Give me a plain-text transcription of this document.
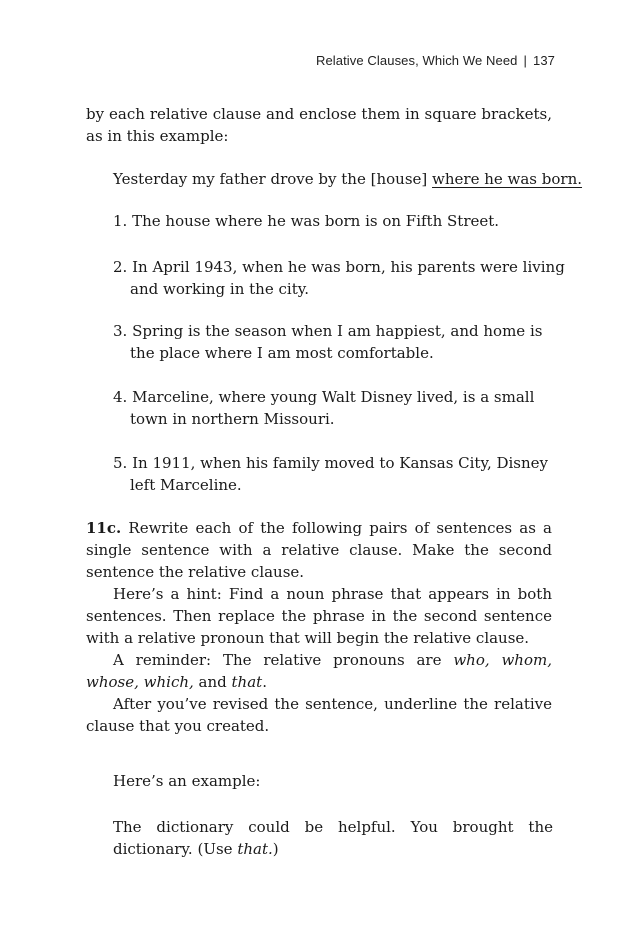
Relative Clauses, Which We Need | 137
by each relative clause and enclose them in square brackets, as in this example:
Yesterday my father drove by the [house] where he was born.
1. The house where he was born is on Fifth Street.
2. In April 1943, when he was born, his parents were living and working in the city.
3. Spring is the season when I am happiest, and home is the place where I am most comfortable.
4. Marceline, where young Walt Disney lived, is a small town in northern Missouri.
5. In 1911, when his family moved to Kansas City, Disney left Marceline.

11c. Rewrite each of the following pairs of sentences as a single sentence with a relative clause. Make the second sentence the relative clause.

Here’s a hint: Find a noun phrase that appears in both sentences. Then replace the phrase in the second sentence with a relative pronoun that will begin the relative clause.

A reminder: The relative pronouns are who, whom, whose, which, and that.

After you’ve revised the sentence, underline the relative clause that you created.

Here’s an example:
The dictionary could be helpful. You brought the dictionary. (Use that.)
